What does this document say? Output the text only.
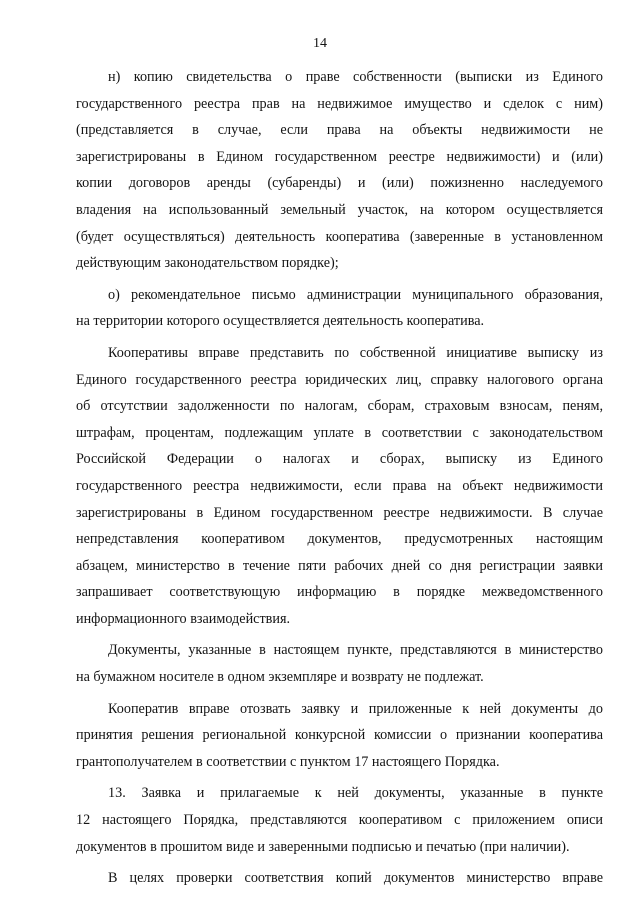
14
н) копию свидетельства о праве собственности (выписки из Единого
государственного реестра прав на недвижимое имущество и сделок с ним)
(представляется в случае, если права на объекты недвижимости не
зарегистрированы в Едином государственном реестре недвижимости) и (или)
копии договоров аренды (субаренды) и (или) пожизненно наследуемого
владения на использованный земельный участок, на котором осуществляется
(будет осуществляться) деятельность кооператива (заверенные в установленном
действующим законодательством порядке);
о) рекомендательное письмо администрации муниципального образования,
на территории которого осуществляется деятельность кооператива.
Кооперативы вправе представить по собственной инициативе выписку из
Единого государственного реестра юридических лиц, справку налогового органа
об отсутствии задолженности по налогам, сборам, страховым взносам, пеням,
штрафам, процентам, подлежащим уплате в соответствии с законодательством
Российской Федерации о налогах и сборах, выписку из Единого
государственного реестра недвижимости, если права на объект недвижимости
зарегистрированы в Едином государственном реестре недвижимости. В случае
непредставления кооперативом документов, предусмотренных настоящим
абзацем, министерство в течение пяти рабочих дней со дня регистрации заявки
запрашивает соответствующую информацию в порядке межведомственного
информационного взаимодействия.
Документы, указанные в настоящем пункте, представляются в министерство
на бумажном носителе в одном экземпляре и возврату не подлежат.
Кооператив вправе отозвать заявку и приложенные к ней документы до
принятия решения региональной конкурсной комиссии о признании кооператива
грантополучателем в соответствии с пунктом 17 настоящего Порядка.
13. Заявка и прилагаемые к ней документы, указанные в пункте
12 настоящего Порядка, представляются кооперативом с приложением описи
документов в прошитом виде и заверенными подписью и печатью (при наличии).
В целях проверки соответствия копий документов министерство вправе
